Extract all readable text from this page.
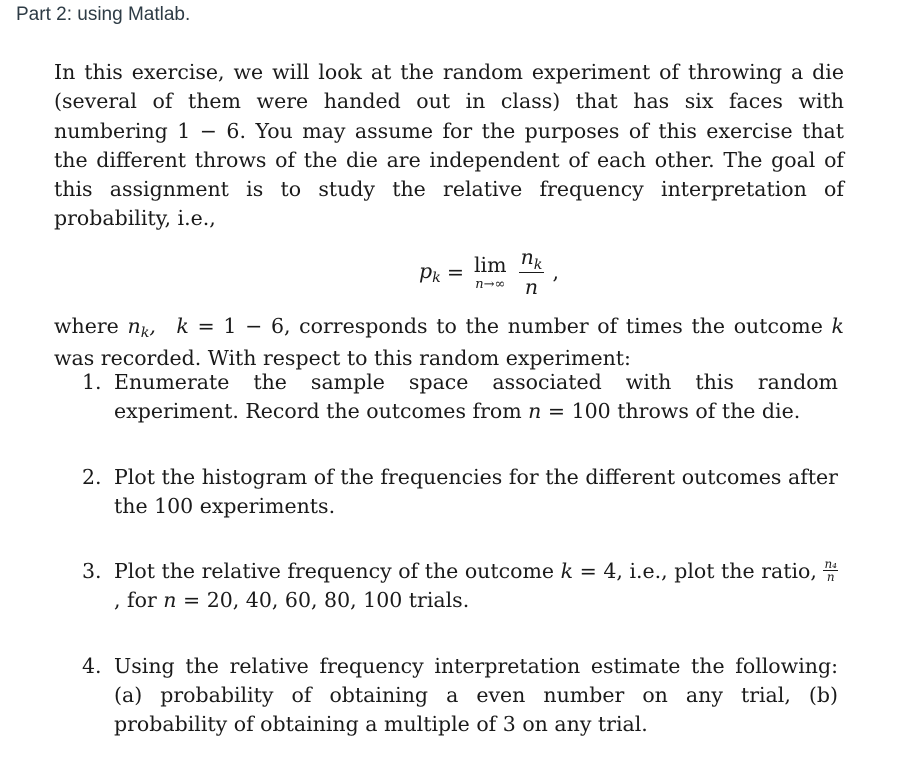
Part 2: using Matlab.

In this exercise, we will look at the random experiment of throwing a die (several of them were handed out in class) that has six faces with numbering 1 − 6. You may assume for the purposes of this exercise that the different throws of the die are independent of each other. The goal of this assignment is to study the relative frequency interpretation of probability, i.e.,

$p_k = \lim$
$n\to\infty \frac{n_k}{n}$ ,

where $n_k$, k = 1 − 6, corresponds to the number of times the outcome k was recorded. With respect to this random experiment:

1. Enumerate the sample space associated with this random experiment. Record the outcomes from n = 100 throws of the die.
2. Plot the histogram of the frequencies for the different outcomes after the 100 experiments.
3. Plot the relative frequency of the outcome k = 4, i.e., plot the ratio, $\frac{\text{n₄}}{n}$
, for n = 20, 40, 60, 80, 100 trials.
4. Using the relative frequency interpretation estimate the following: (a) probability of obtaining a even number on any trial, (b) probability of obtaining a multiple of 3 on any trial.
